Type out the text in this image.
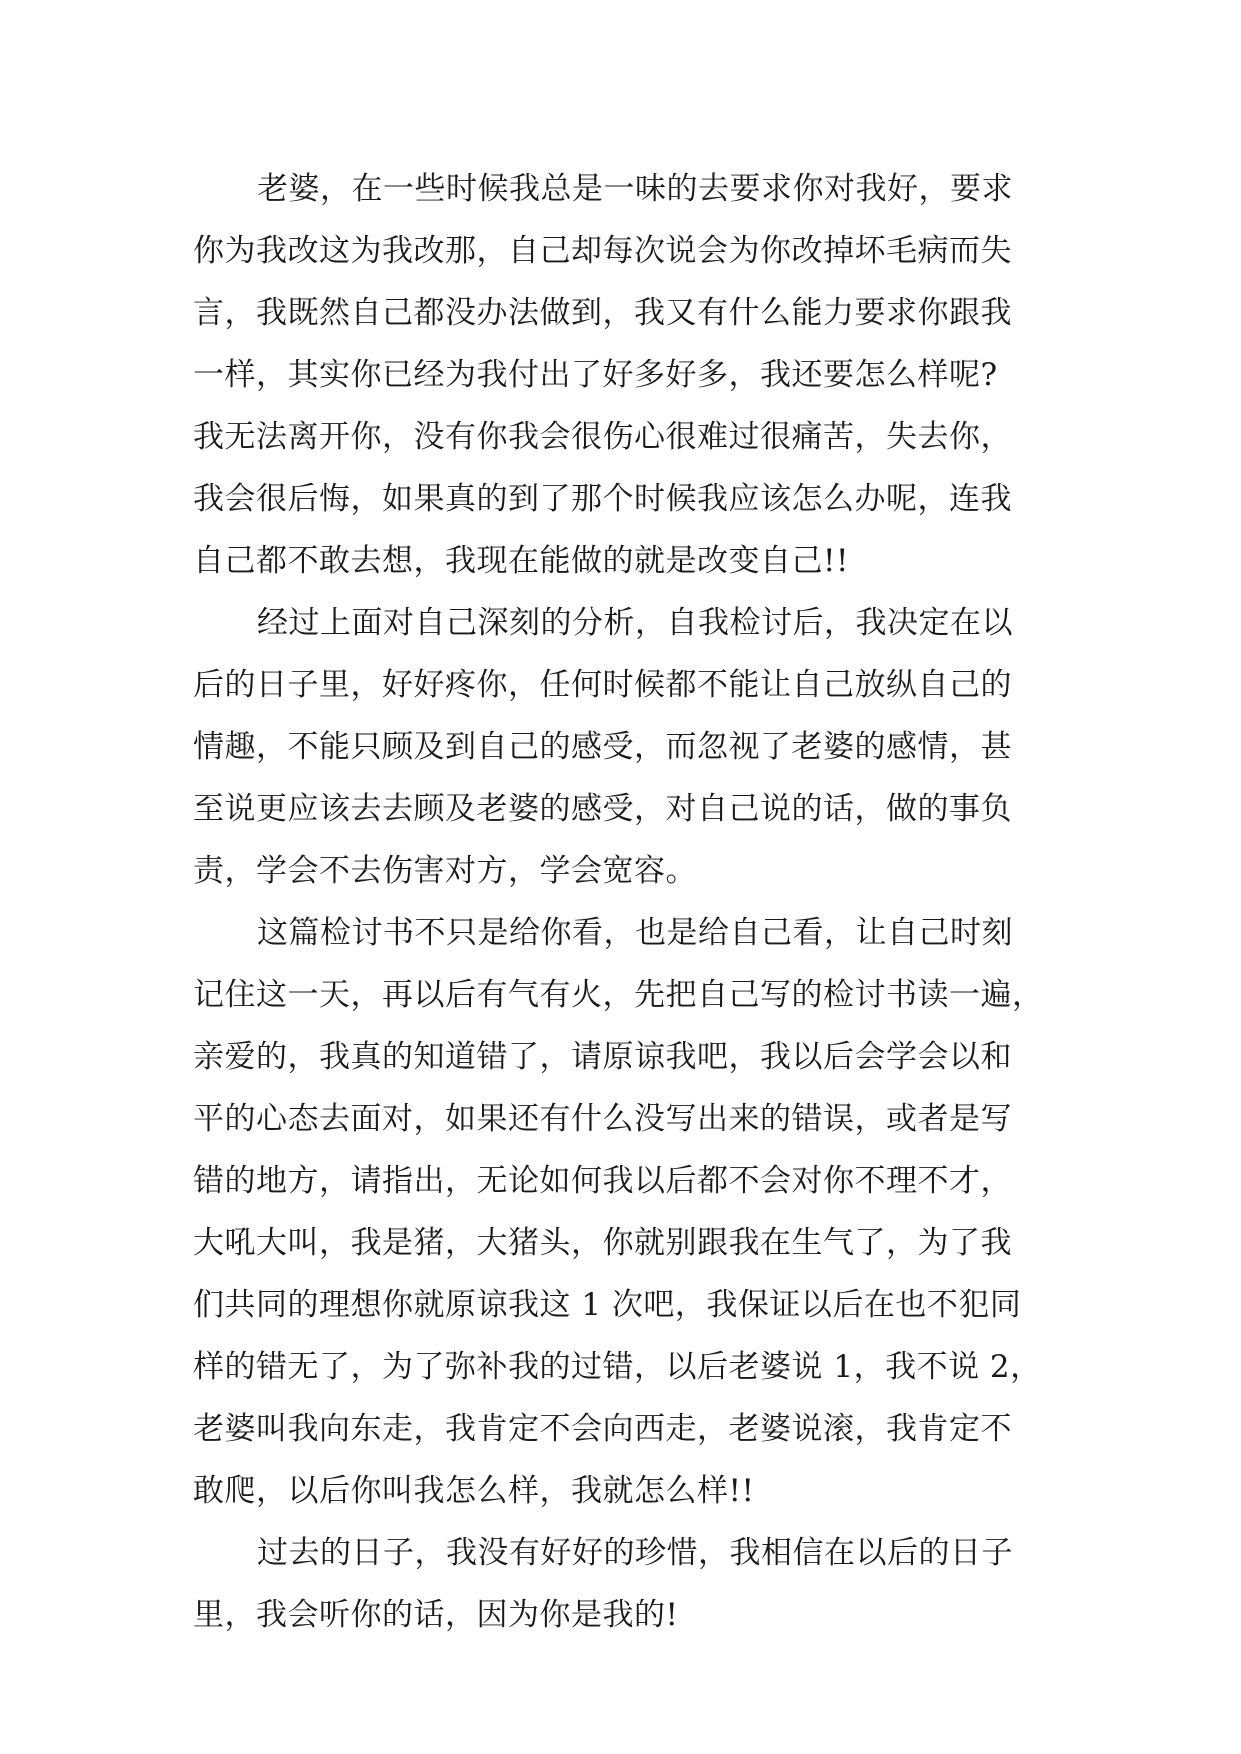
老婆，在一些时候我总是一味的去要求你对我好，要求
你为我改这为我改那，自己却每次说会为你改掉坏毛病而失
言，我既然自己都没办法做到，我又有什么能力要求你跟我
一样，其实你已经为我付出了好多好多，我还要怎么样呢?
我无法离开你，没有你我会很伤心很难过很痛苦，失去你，
我会很后悔，如果真的到了那个时候我应该怎么办呢，连我
自己都不敢去想，我现在能做的就是改变自己!!
经过上面对自己深刻的分析，自我检讨后，我决定在以
后的日子里，好好疼你，任何时候都不能让自己放纵自己的
情趣，不能只顾及到自己的感受，而忽视了老婆的感情，甚
至说更应该去去顾及老婆的感受，对自己说的话，做的事负
责，学会不去伤害对方，学会宽容。
这篇检讨书不只是给你看，也是给自己看，让自己时刻
记住这一天，再以后有气有火，先把自己写的检讨书读一遍，
亲爱的，我真的知道错了，请原谅我吧，我以后会学会以和
平的心态去面对，如果还有什么没写出来的错误，或者是写
错的地方，请指出，无论如何我以后都不会对你不理不才，
大吼大叫，我是猪，大猪头，你就别跟我在生气了，为了我
们共同的理想你就原谅我这 1 次吧，我保证以后在也不犯同
样的错无了，为了弥补我的过错，以后老婆说 1，我不说 2，
老婆叫我向东走，我肯定不会向西走，老婆说滚，我肯定不
敢爬，以后你叫我怎么样，我就怎么样!!
过去的日子，我没有好好的珍惜，我相信在以后的日子
里，我会听你的话，因为你是我的!
